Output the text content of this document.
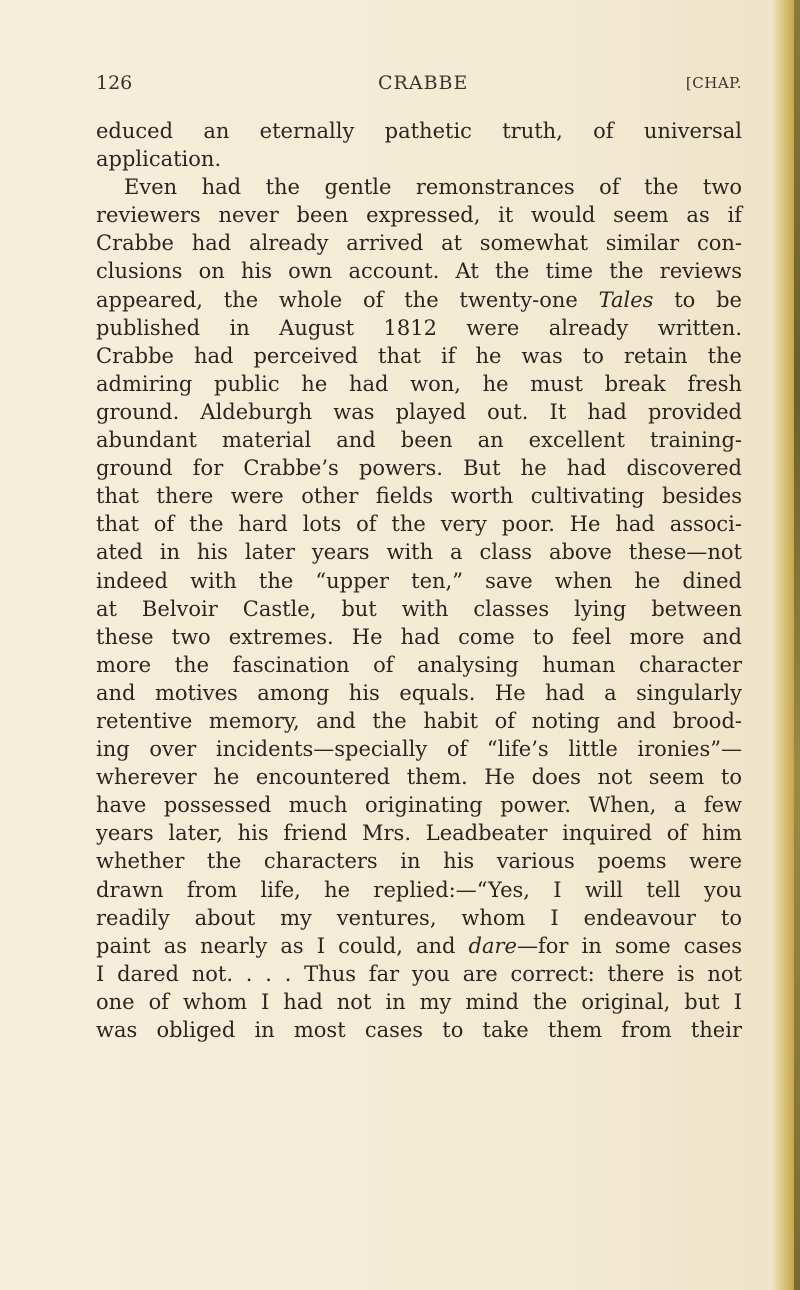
126	CRABBE	[CHAP.
educed an eternally pathetic truth, of universal
application.
Even had the gentle remonstrances of the two
reviewers never been expressed, it would seem as if
Crabbe had already arrived at somewhat similar con-
clusions on his own account. At the time the reviews
appeared, the whole of the twenty-one Tales to be
published in August 1812 were already written.
Crabbe had perceived that if he was to retain the
admiring public he had won, he must break fresh
ground. Aldeburgh was played out. It had provided
abundant material and been an excellent training-
ground for Crabbe’s powers. But he had discovered
that there were other fields worth cultivating besides
that of the hard lots of the very poor. He had associ-
ated in his later years with a class above these—not
indeed with the “upper ten,” save when he dined
at Belvoir Castle, but with classes lying between
these two extremes. He had come to feel more and
more the fascination of analysing human character
and motives among his equals. He had a singularly
retentive memory, and the habit of noting and brood-
ing over incidents—specially of “life’s little ironies”—
wherever he encountered them. He does not seem to
have possessed much originating power. When, a few
years later, his friend Mrs. Leadbeater inquired of him
whether the characters in his various poems were
drawn from life, he replied:—“Yes, I will tell you
readily about my ventures, whom I endeavour to
paint as nearly as I could, and dare—for in some cases
I dared not. . . . Thus far you are correct: there is not
one of whom I had not in my mind the original, but I
was obliged in most cases to take them from their
